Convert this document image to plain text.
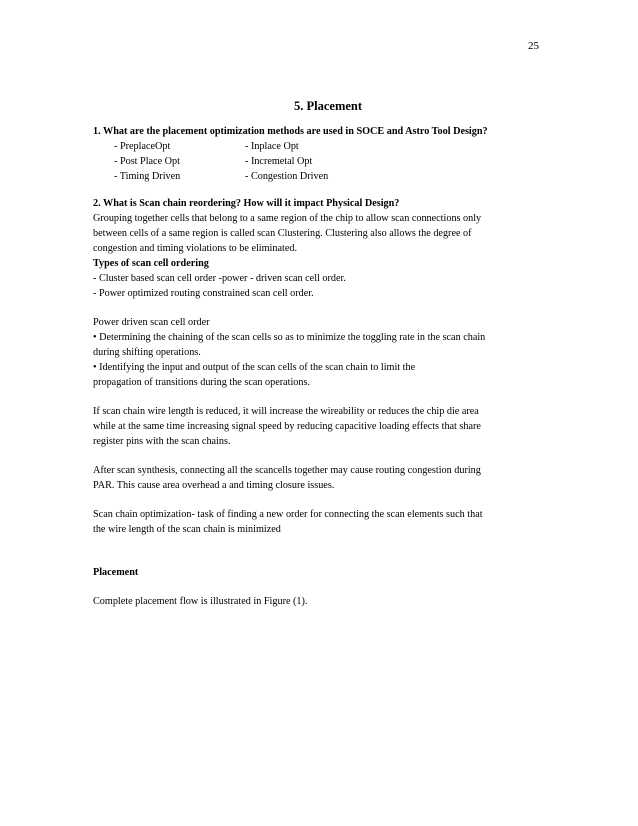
25
5. Placement
1. What are the placement optimization methods are used in SOCE and Astro Tool Design?
- PreplaceOpt	- Inplace Opt
- Post Place Opt	- Incremetal Opt
- Timing Driven	- Congestion Driven
2. What is Scan chain reordering? How will it impact Physical Design?
Grouping together cells that belong to a same region of the chip to allow scan connections only
between cells of a same region is called scan Clustering. Clustering also allows the degree of
congestion and timing violations to be eliminated.
Types of scan cell ordering
- Cluster based scan cell order -power - driven scan cell order.
- Power optimized routing constrained scan cell order.
Power driven scan cell order
• Determining the chaining of the scan cells so as to minimize the toggling rate in the scan chain
during shifting operations.
• Identifying the input and output of the scan cells of the scan chain to limit the
propagation of transitions during the scan operations.
If scan chain wire length is reduced, it will increase the wireability or reduces the chip die area
while at the same time increasing signal speed by reducing capacitive loading effects that share
register pins with the scan chains.
After scan synthesis, connecting all the scancells together may cause routing congestion during
PAR. This cause area overhead a and timing closure issues.
Scan chain optimization- task of finding a new order for connecting the scan elements such that
the wire length of the scan chain is minimized
Placement
Complete placement flow is illustrated in Figure (1).
